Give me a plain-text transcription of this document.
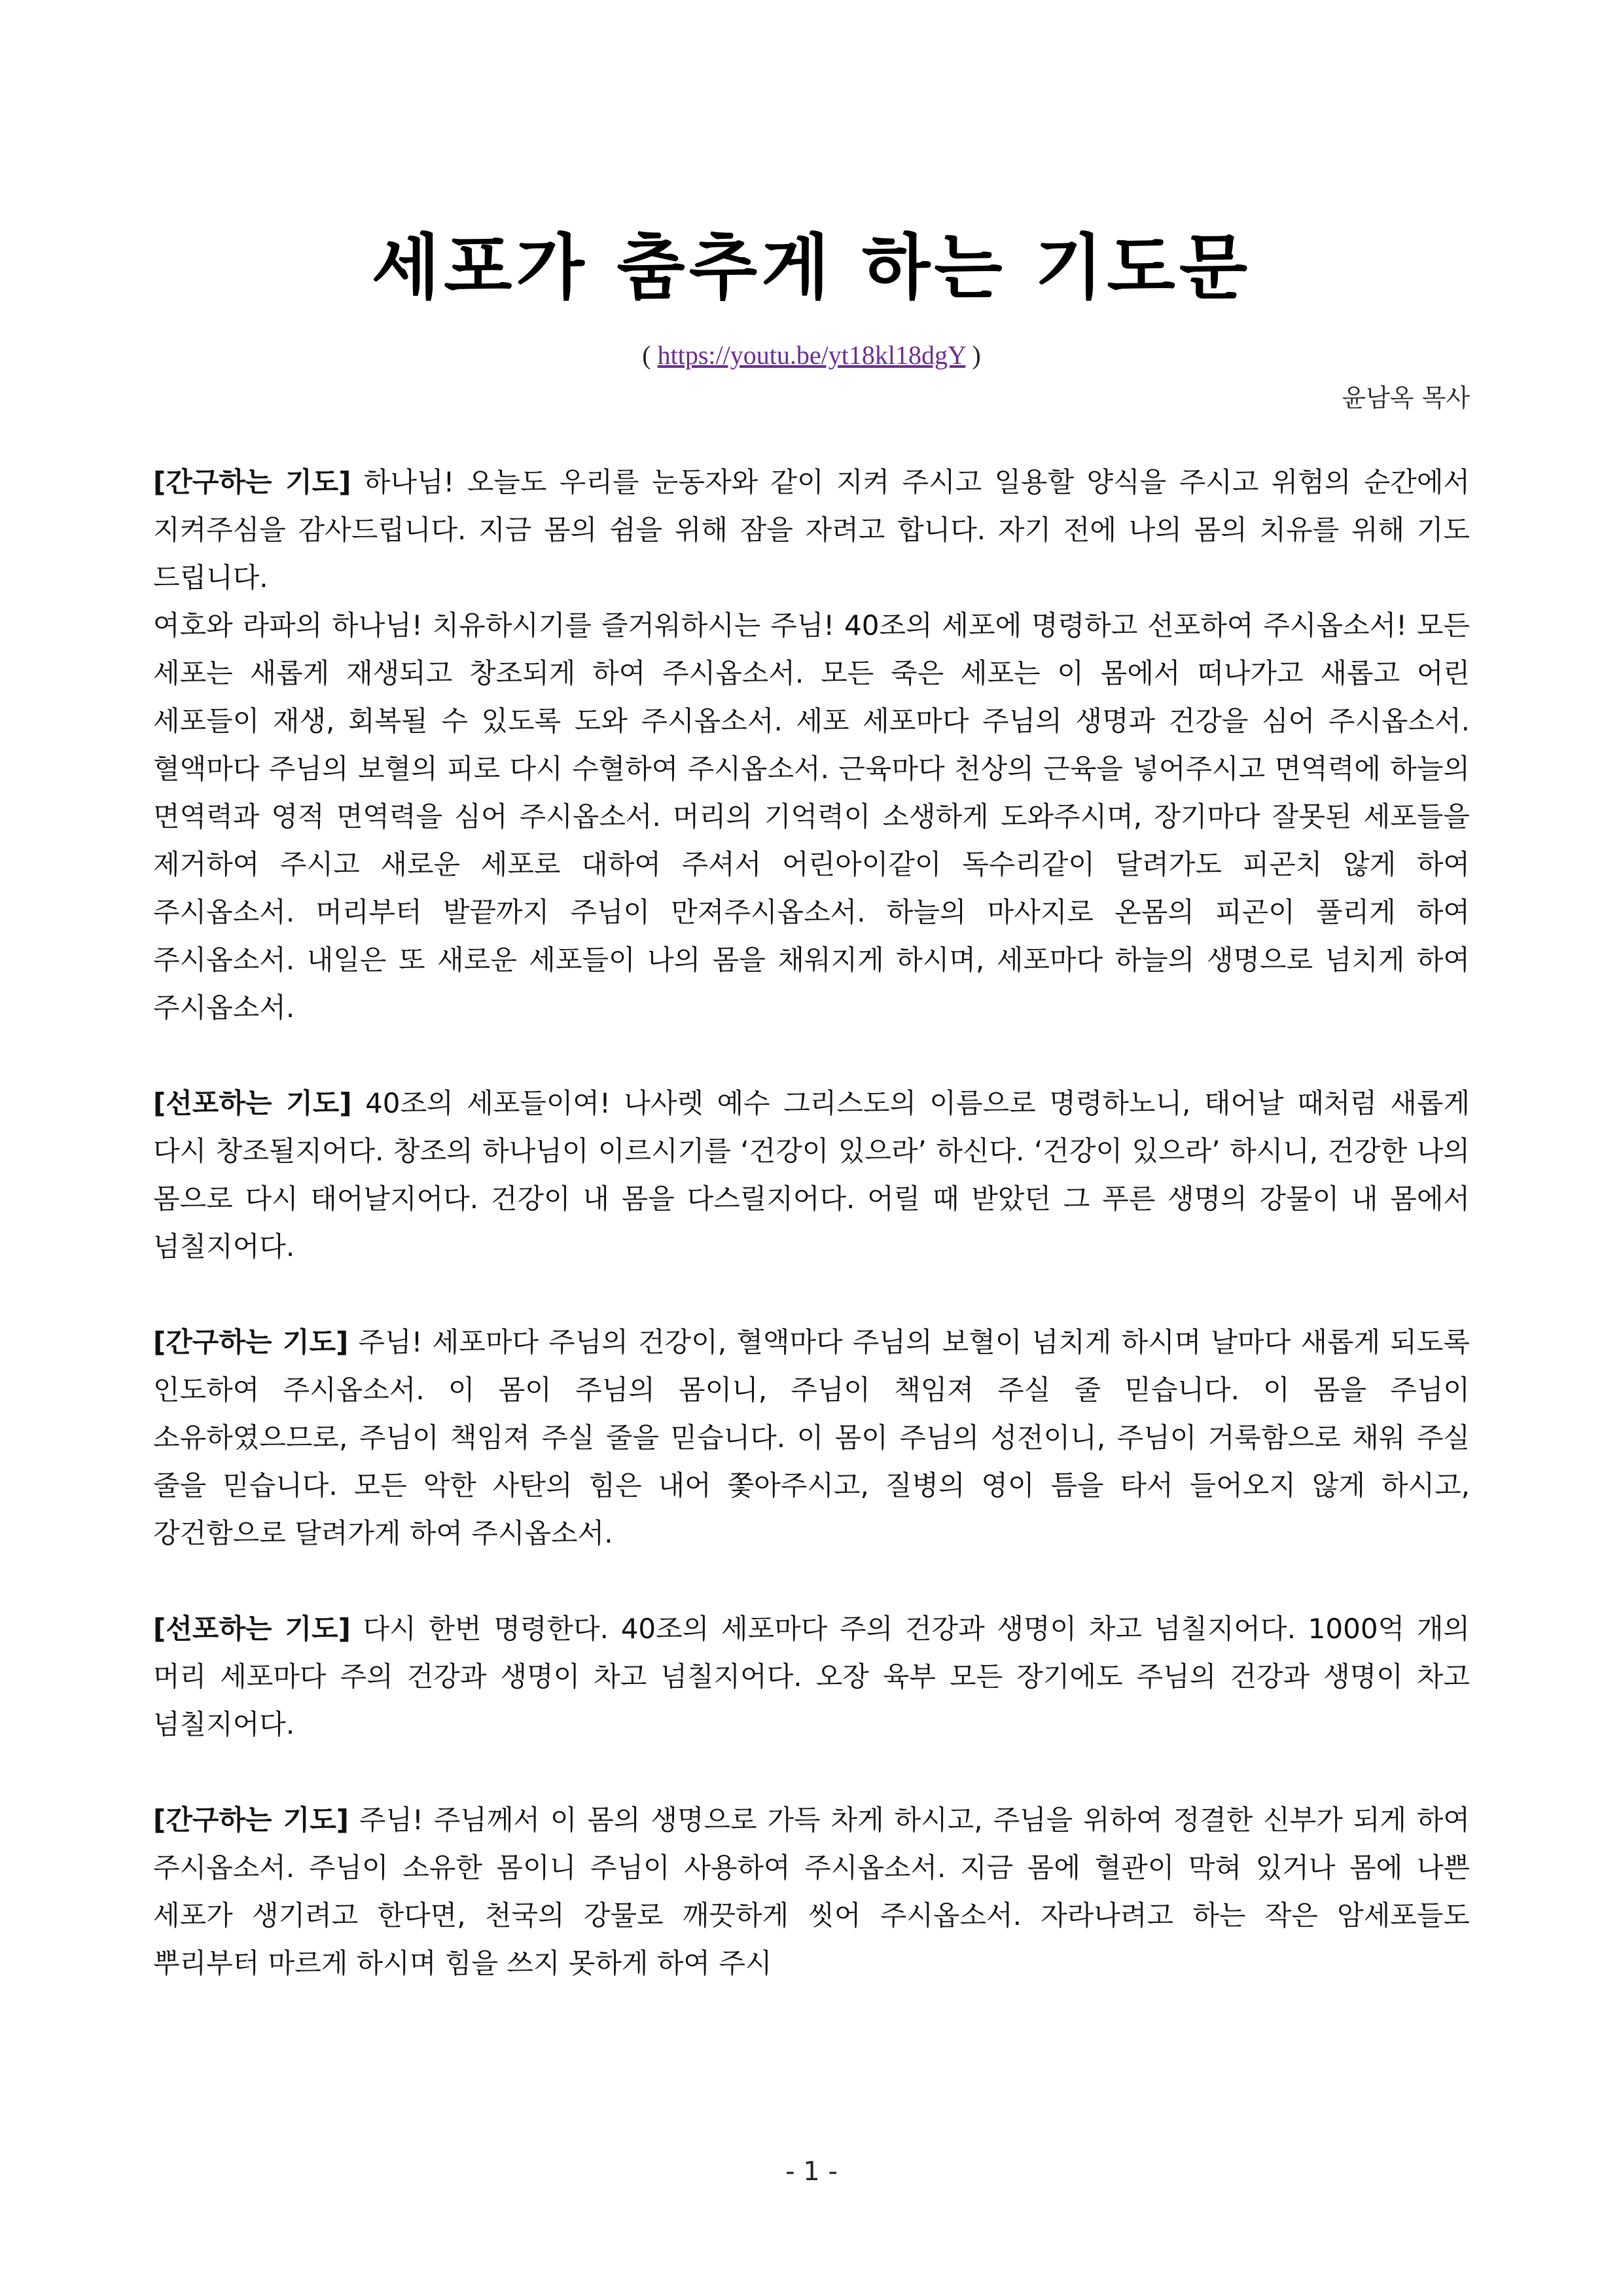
세포가 춤추게 하는 기도문
( https://youtu.be/yt18kl18dgY )
윤남옥 목사

[간구하는 기도] 하나님! 오늘도 우리를 눈동자와 같이 지켜 주시고 일용할 양식을 주시고 위험의 순간에서 지켜주심을 감사드립니다. 지금 몸의 쉼을 위해 잠을 자려고 합니다. 자기 전에 나의 몸의 치유를 위해 기도 드립니다.

여호와 라파의 하나님! 치유하시기를 즐거워하시는 주님! 40조의 세포에 명령하고 선포하여 주시옵소서! 모든 세포는 새롭게 재생되고 창조되게 하여 주시옵소서. 모든 죽은 세포는 이 몸에서 떠나가고 새롭고 어린 세포들이 재생, 회복될 수 있도록 도와 주시옵소서. 세포 세포마다 주님의 생명과 건강을 심어 주시옵소서. 혈액마다 주님의 보혈의 피로 다시 수혈하여 주시옵소서. 근육마다 천상의 근육을 넣어주시고 면역력에 하늘의 면역력과 영적 면역력을 심어 주시옵소서. 머리의 기억력이 소생하게 도와주시며, 장기마다 잘못된 세포들을 제거하여 주시고 새로운 세포로 대하여 주셔서 어린아이같이 독수리같이 달려가도 피곤치 않게 하여 주시옵소서. 머리부터 발끝까지 주님이 만져주시옵소서. 하늘의 마사지로 온몸의 피곤이 풀리게 하여 주시옵소서. 내일은 또 새로운 세포들이 나의 몸을 채워지게 하시며, 세포마다 하늘의 생명으로 넘치게 하여 주시옵소서.

[선포하는 기도] 40조의 세포들이여! 나사렛 예수 그리스도의 이름으로 명령하노니, 태어날 때처럼 새롭게 다시 창조될지어다. 창조의 하나님이 이르시기를 ‘건강이 있으라’ 하신다. ‘건강이 있으라’ 하시니, 건강한 나의 몸으로 다시 태어날지어다. 건강이 내 몸을 다스릴지어다. 어릴 때 받았던 그 푸른 생명의 강물이 내 몸에서 넘칠지어다.

[간구하는 기도] 주님! 세포마다 주님의 건강이, 혈액마다 주님의 보혈이 넘치게 하시며 날마다 새롭게 되도록 인도하여 주시옵소서. 이 몸이 주님의 몸이니, 주님이 책임져 주실 줄 믿습니다. 이 몸을 주님이 소유하였으므로, 주님이 책임져 주실 줄을 믿습니다. 이 몸이 주님의 성전이니, 주님이 거룩함으로 채워 주실 줄을 믿습니다. 모든 악한 사탄의 힘은 내어 쫓아주시고, 질병의 영이 틈을 타서 들어오지 않게 하시고, 강건함으로 달려가게 하여 주시옵소서.

[선포하는 기도] 다시 한번 명령한다. 40조의 세포마다 주의 건강과 생명이 차고 넘칠지어다. 1000억 개의 머리 세포마다 주의 건강과 생명이 차고 넘칠지어다. 오장 육부 모든 장기에도 주님의 건강과 생명이 차고 넘칠지어다.

[간구하는 기도] 주님! 주님께서 이 몸의 생명으로 가득 차게 하시고, 주님을 위하여 정결한 신부가 되게 하여 주시옵소서. 주님이 소유한 몸이니 주님이 사용하여 주시옵소서. 지금 몸에 혈관이 막혀 있거나 몸에 나쁜 세포가 생기려고 한다면, 천국의 강물로 깨끗하게 씻어 주시옵소서. 자라나려고 하는 작은 암세포들도 뿌리부터 마르게 하시며 힘을 쓰지 못하게 하여 주시

- 1 -
